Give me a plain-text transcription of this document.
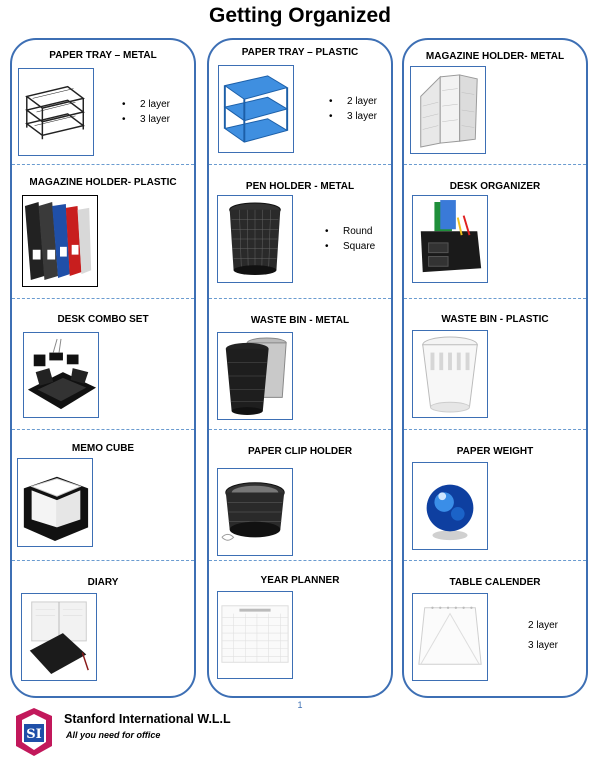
Getting Organized
PAPER TRAY – METAL
• 2 layer
• 3 layer
MAGAZINE HOLDER- PLASTIC
DESK COMBO SET
MEMO CUBE
DIARY
PAPER TRAY – PLASTIC
• 2 layer
• 3 layer
PEN HOLDER - METAL
• Round
• Square
WASTE BIN - METAL
PAPER CLIP HOLDER
YEAR PLANNER
MAGAZINE HOLDER- METAL
DESK ORGANIZER
WASTE BIN - PLASTIC
PAPER WEIGHT
TABLE CALENDER
2 layer
3 layer
1
SI
Stanford International W.L.L
All you need for office
